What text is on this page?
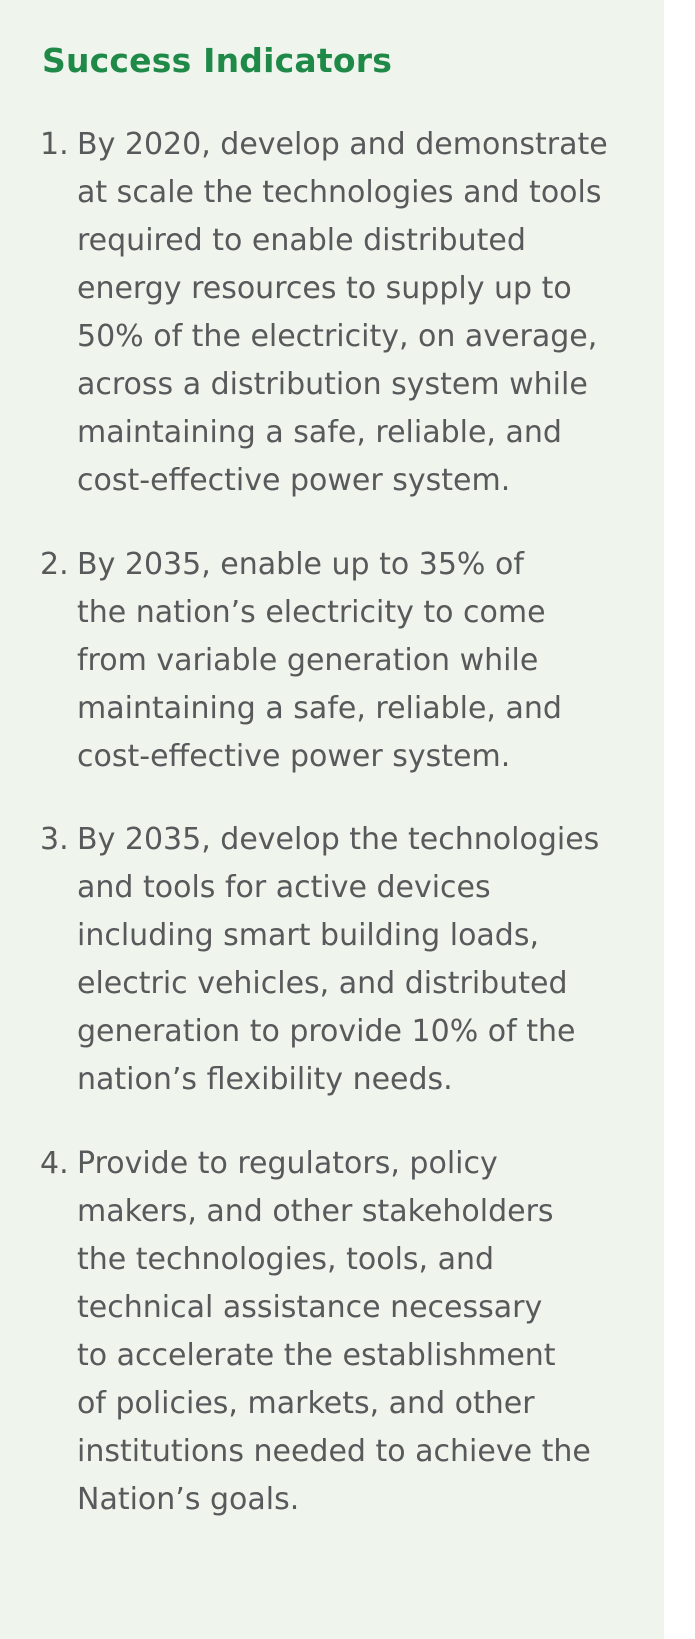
Success Indicators
1. By 2020, develop and demonstrate
at scale the technologies and tools
required to enable distributed
energy resources to supply up to
50% of the electricity, on average,
across a distribution system while
maintaining a safe, reliable, and
cost-effective power system.
2. By 2035, enable up to 35% of
the nation’s electricity to come
from variable generation while
maintaining a safe, reliable, and
cost-effective power system.
3. By 2035, develop the technologies
and tools for active devices
including smart building loads,
electric vehicles, and distributed
generation to provide 10% of the
nation’s flexibility needs.
4. Provide to regulators, policy
makers, and other stakeholders
the technologies, tools, and
technical assistance necessary
to accelerate the establishment
of policies, markets, and other
institutions needed to achieve the
Nation’s goals.
